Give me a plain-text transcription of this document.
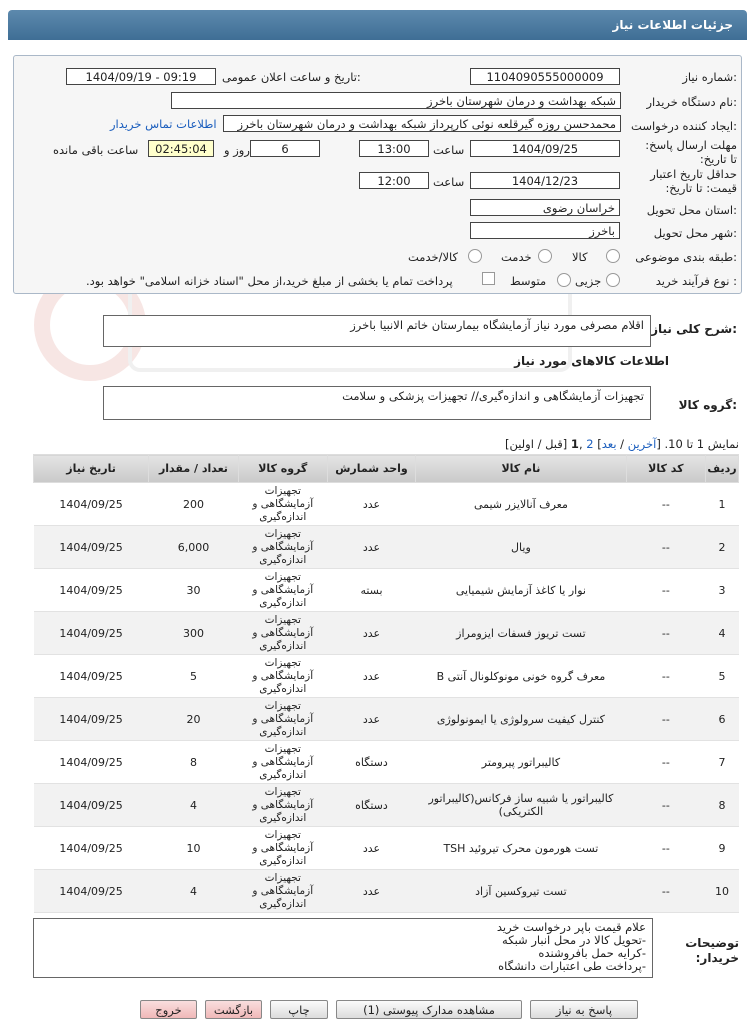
جزئیات اطلاعات نیاز
شماره نیاز:
1104090555000009
تاریخ و ساعت اعلان عمومی:
1404/09/19 - 09:19
نام دستگاه خریدار:
شبکه بهداشت و درمان شهرستان باخرز
ایجاد کننده درخواست:
محمدحسن روزه گیرقلعه نوئی کارپرداز شبکه بهداشت و درمان شهرستان باخرز
اطلاعات تماس خریدار
مهلت ارسال پاسخ: تا تاریخ:
1404/09/25
ساعت
13:00
6
روز و
02:45:04
ساعت باقی مانده
حداقل تاریخ اعتبار قیمت: تا تاریخ:
1404/12/23
ساعت
12:00
استان محل تحویل:
خراسان رضوی
شهر محل تحویل:
باخرز
طبقه بندی موضوعی:
کالا
خدمت
کالا/خدمت
نوع فرآیند خرید :
جزیی
متوسط
پرداخت تمام یا بخشی از مبلغ خرید،از محل "اسناد خزانه اسلامی" خواهد بود.
شرح کلی نیاز:
اقلام مصرفی مورد نیاز آزمایشگاه بیمارستان خاتم الانبیا باخرز
اطلاعات کالاهای مورد نیاز
گروه کالا:
تجهیزات آزمایشگاهی و اندازه‌گیری// تجهیزات پزشکی و سلامت
نمایش 1 تا 10. [آخرین / بعد] 2 ,1 [قبل / اولین]
ردیف	کد کالا	نام کالا	واحد شمارش	گروه کالا	تعداد / مقدار	تاریخ نیاز
1	--	معرف آنالایزر شیمی	عدد	تجهیزات آزمایشگاهی و اندازه‌گیری	200	1404/09/25
2	--	ویال	عدد	تجهیزات آزمایشگاهی و اندازه‌گیری	6,000	1404/09/25
3	--	نوار یا کاغذ آزمایش شیمیایی	بسته	تجهیزات آزمایشگاهی و اندازه‌گیری	30	1404/09/25
4	--	تست تریوز فسفات ایزومراز	عدد	تجهیزات آزمایشگاهی و اندازه‌گیری	300	1404/09/25
5	--	معرف گروه خونی مونوکلونال آنتی B	عدد	تجهیزات آزمایشگاهی و اندازه‌گیری	5	1404/09/25
6	--	کنترل کیفیت سرولوژی یا ایمونولوژی	عدد	تجهیزات آزمایشگاهی و اندازه‌گیری	20	1404/09/25
7	--	کالیبراتور پیرومتر	دستگاه	تجهیزات آزمایشگاهی و اندازه‌گیری	8	1404/09/25
8	--	کالیبراتور یا شبیه ساز فرکانس(کالیبراتور الکتریکی)	دستگاه	تجهیزات آزمایشگاهی و اندازه‌گیری	4	1404/09/25
9	--	تست هورمون محرک تیروئید TSH	عدد	تجهیزات آزمایشگاهی و اندازه‌گیری	10	1404/09/25
10	--	تست تیروکسین آزاد	عدد	تجهیزات آزمایشگاهی و اندازه‌گیری	4	1404/09/25
توضیحات خریدار:
علام قیمت باپر درخواست خرید
-تحویل کالا در محل انبار شبکه
-کرایه حمل بافروشنده
-پرداخت طی اعتبارات دانشگاه
پاسخ به نیاز
مشاهده مدارک پیوستی (1)
چاپ
بازگشت
خروج
